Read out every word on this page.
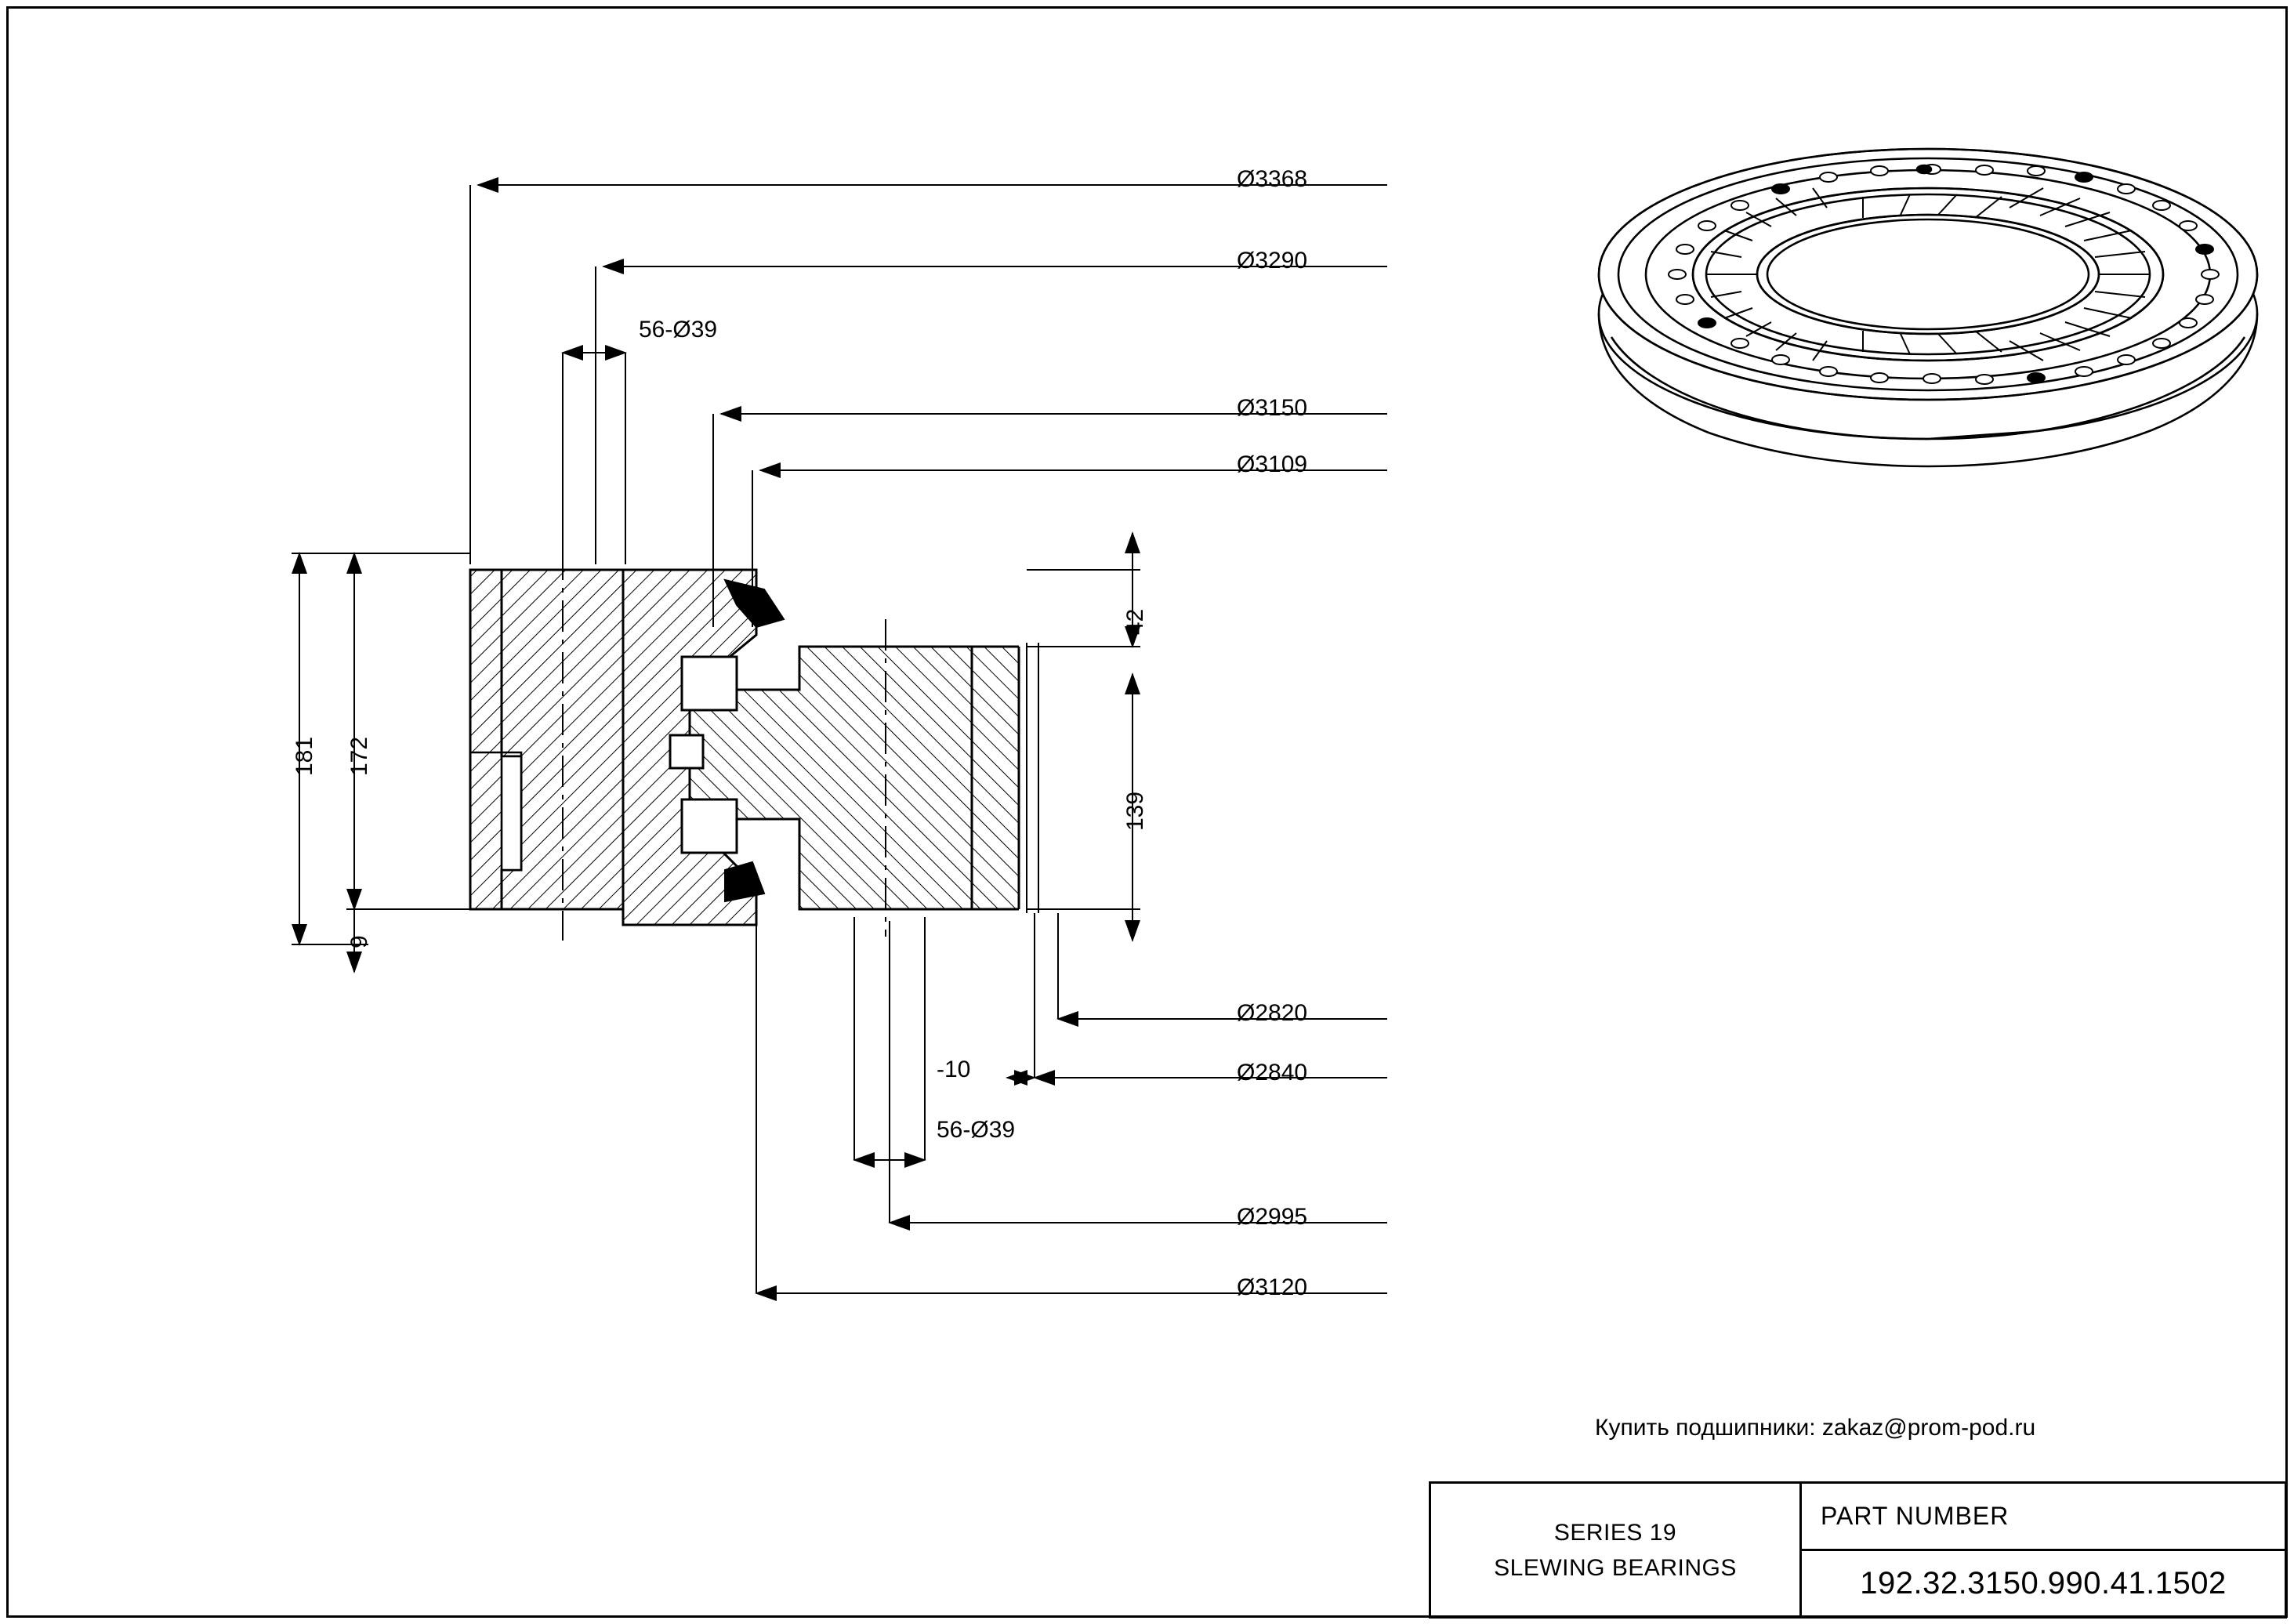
Ø3368
Ø3290
56-Ø39
Ø3150
Ø3109
Ø2820
Ø2840
-10
56-Ø39
Ø2995
Ø3120
181 172
9
42
139
Купить подшипники: zakaz@prom-pod.ru
SERIES 19
SLEWING BEARINGS
PART NUMBER
192.32.3150.990.41.1502
